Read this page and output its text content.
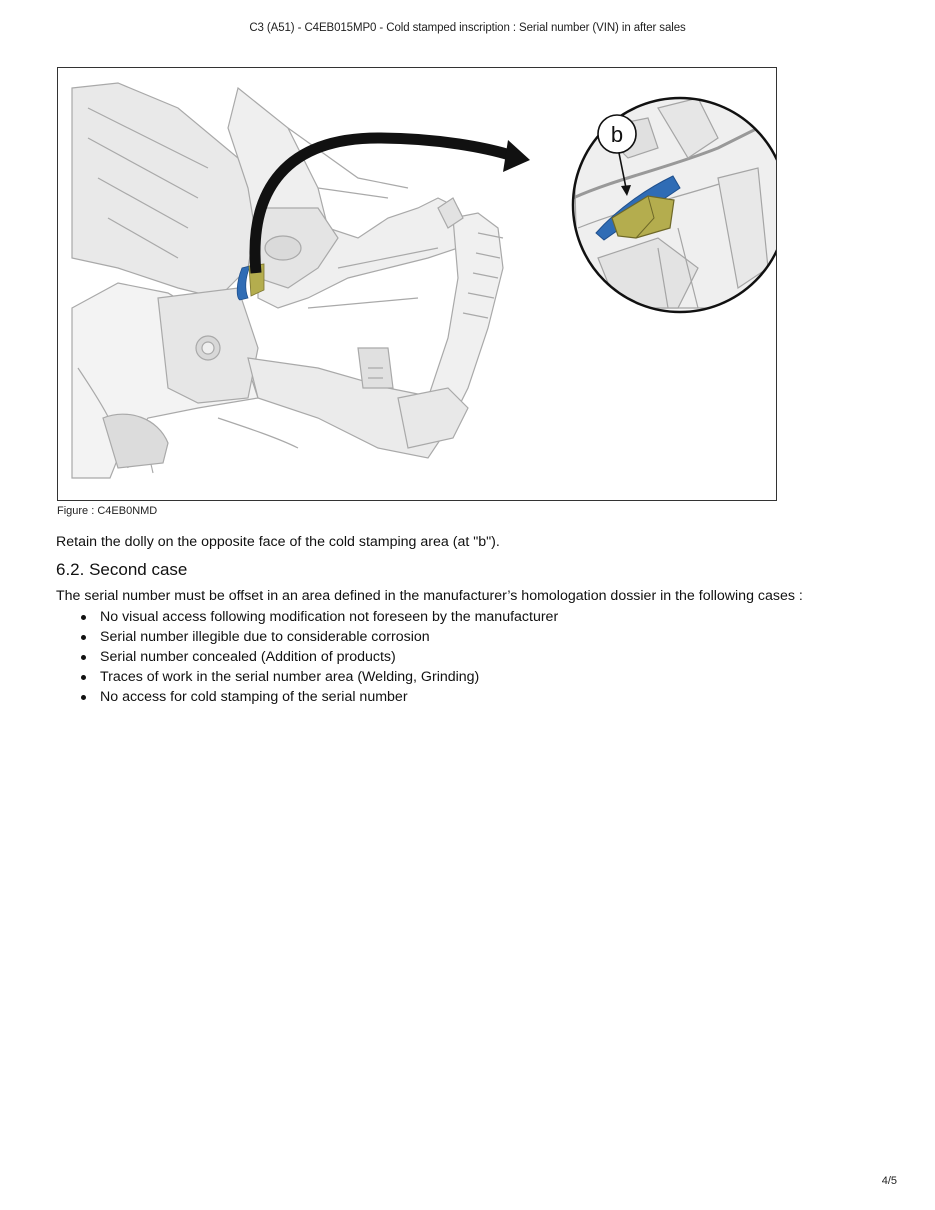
C3 (A51) - C4EB015MP0 - Cold stamped inscription : Serial number (VIN) in after sales
b
Figure : C4EB0NMD
Retain the dolly on the opposite face of the cold stamping area (at "b").
6.2. Second case
The serial number must be offset in an area defined in the manufacturer’s homologation dossier in the following cases :
No visual access following modification not foreseen by the manufacturer
Serial number illegible due to considerable corrosion
Serial number concealed (Addition of products)
Traces of work in the serial number area (Welding, Grinding)
No access for cold stamping of the serial number
4/5
